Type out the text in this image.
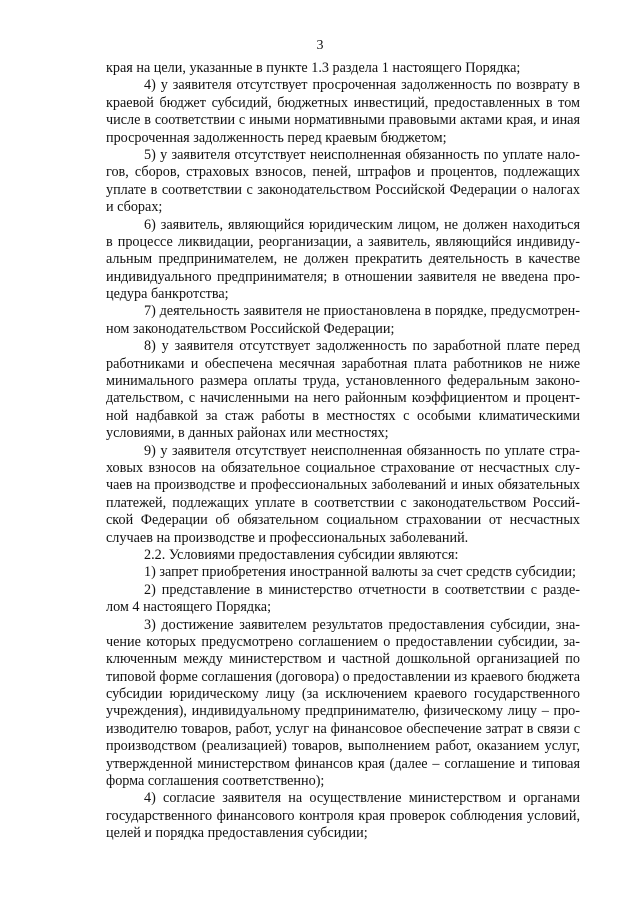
3
края на цели, указанные в пункте 1.3 раздела 1 настоящего Порядка;
4) у заявителя отсутствует просроченная задолженность по возврату в
краевой бюджет субсидий, бюджетных инвестиций, предоставленных в том
числе в соответствии с иными нормативными правовыми актами края, и иная
просроченная задолженность перед краевым бюджетом;
5) у заявителя отсутствует неисполненная обязанность по уплате нало-
гов, сборов, страховых взносов, пеней, штрафов и процентов, подлежащих
уплате в соответствии с законодательством Российской Федерации о налогах
и сборах;
6) заявитель, являющийся юридическим лицом, не должен находиться
в процессе ликвидации, реорганизации, а заявитель, являющийся индивиду-
альным предпринимателем, не должен прекратить деятельность в качестве
индивидуального предпринимателя; в отношении заявителя не введена про-
цедура банкротства;
7) деятельность заявителя не приостановлена в порядке, предусмотрен-
ном законодательством Российской Федерации;
8) у заявителя отсутствует задолженность по заработной плате перед
работниками и обеспечена месячная заработная плата работников не ниже
минимального размера оплаты труда, установленного федеральным законо-
дательством, с начисленными на него районным коэффициентом и процент-
ной надбавкой за стаж работы в местностях с особыми климатическими
условиями, в данных районах или местностях;
9) у заявителя отсутствует неисполненная обязанность по уплате стра-
ховых взносов на обязательное социальное страхование от несчастных слу-
чаев на производстве и профессиональных заболеваний и иных обязательных
платежей, подлежащих уплате в соответствии с законодательством Россий-
ской Федерации об обязательном социальном страховании от несчастных
случаев на производстве и профессиональных заболеваний.
2.2. Условиями предоставления субсидии являются:
1) запрет приобретения иностранной валюты за счет средств субсидии;
2) представление в министерство отчетности в соответствии с разде-
лом 4 настоящего Порядка;
3) достижение заявителем результатов предоставления субсидии, зна-
чение которых предусмотрено соглашением о предоставлении субсидии, за-
ключенным между министерством и частной дошкольной организацией по
типовой форме соглашения (договора) о предоставлении из краевого бюджета
субсидии юридическому лицу (за исключением краевого государственного
учреждения), индивидуальному предпринимателю, физическому лицу – про-
изводителю товаров, работ, услуг на финансовое обеспечение затрат в связи с
производством (реализацией) товаров, выполнением работ, оказанием услуг,
утвержденной министерством финансов края (далее – соглашение и типовая
форма соглашения соответственно);
4) согласие заявителя на осуществление министерством и органами
государственного финансового контроля края проверок соблюдения условий,
целей и порядка предоставления субсидии;
